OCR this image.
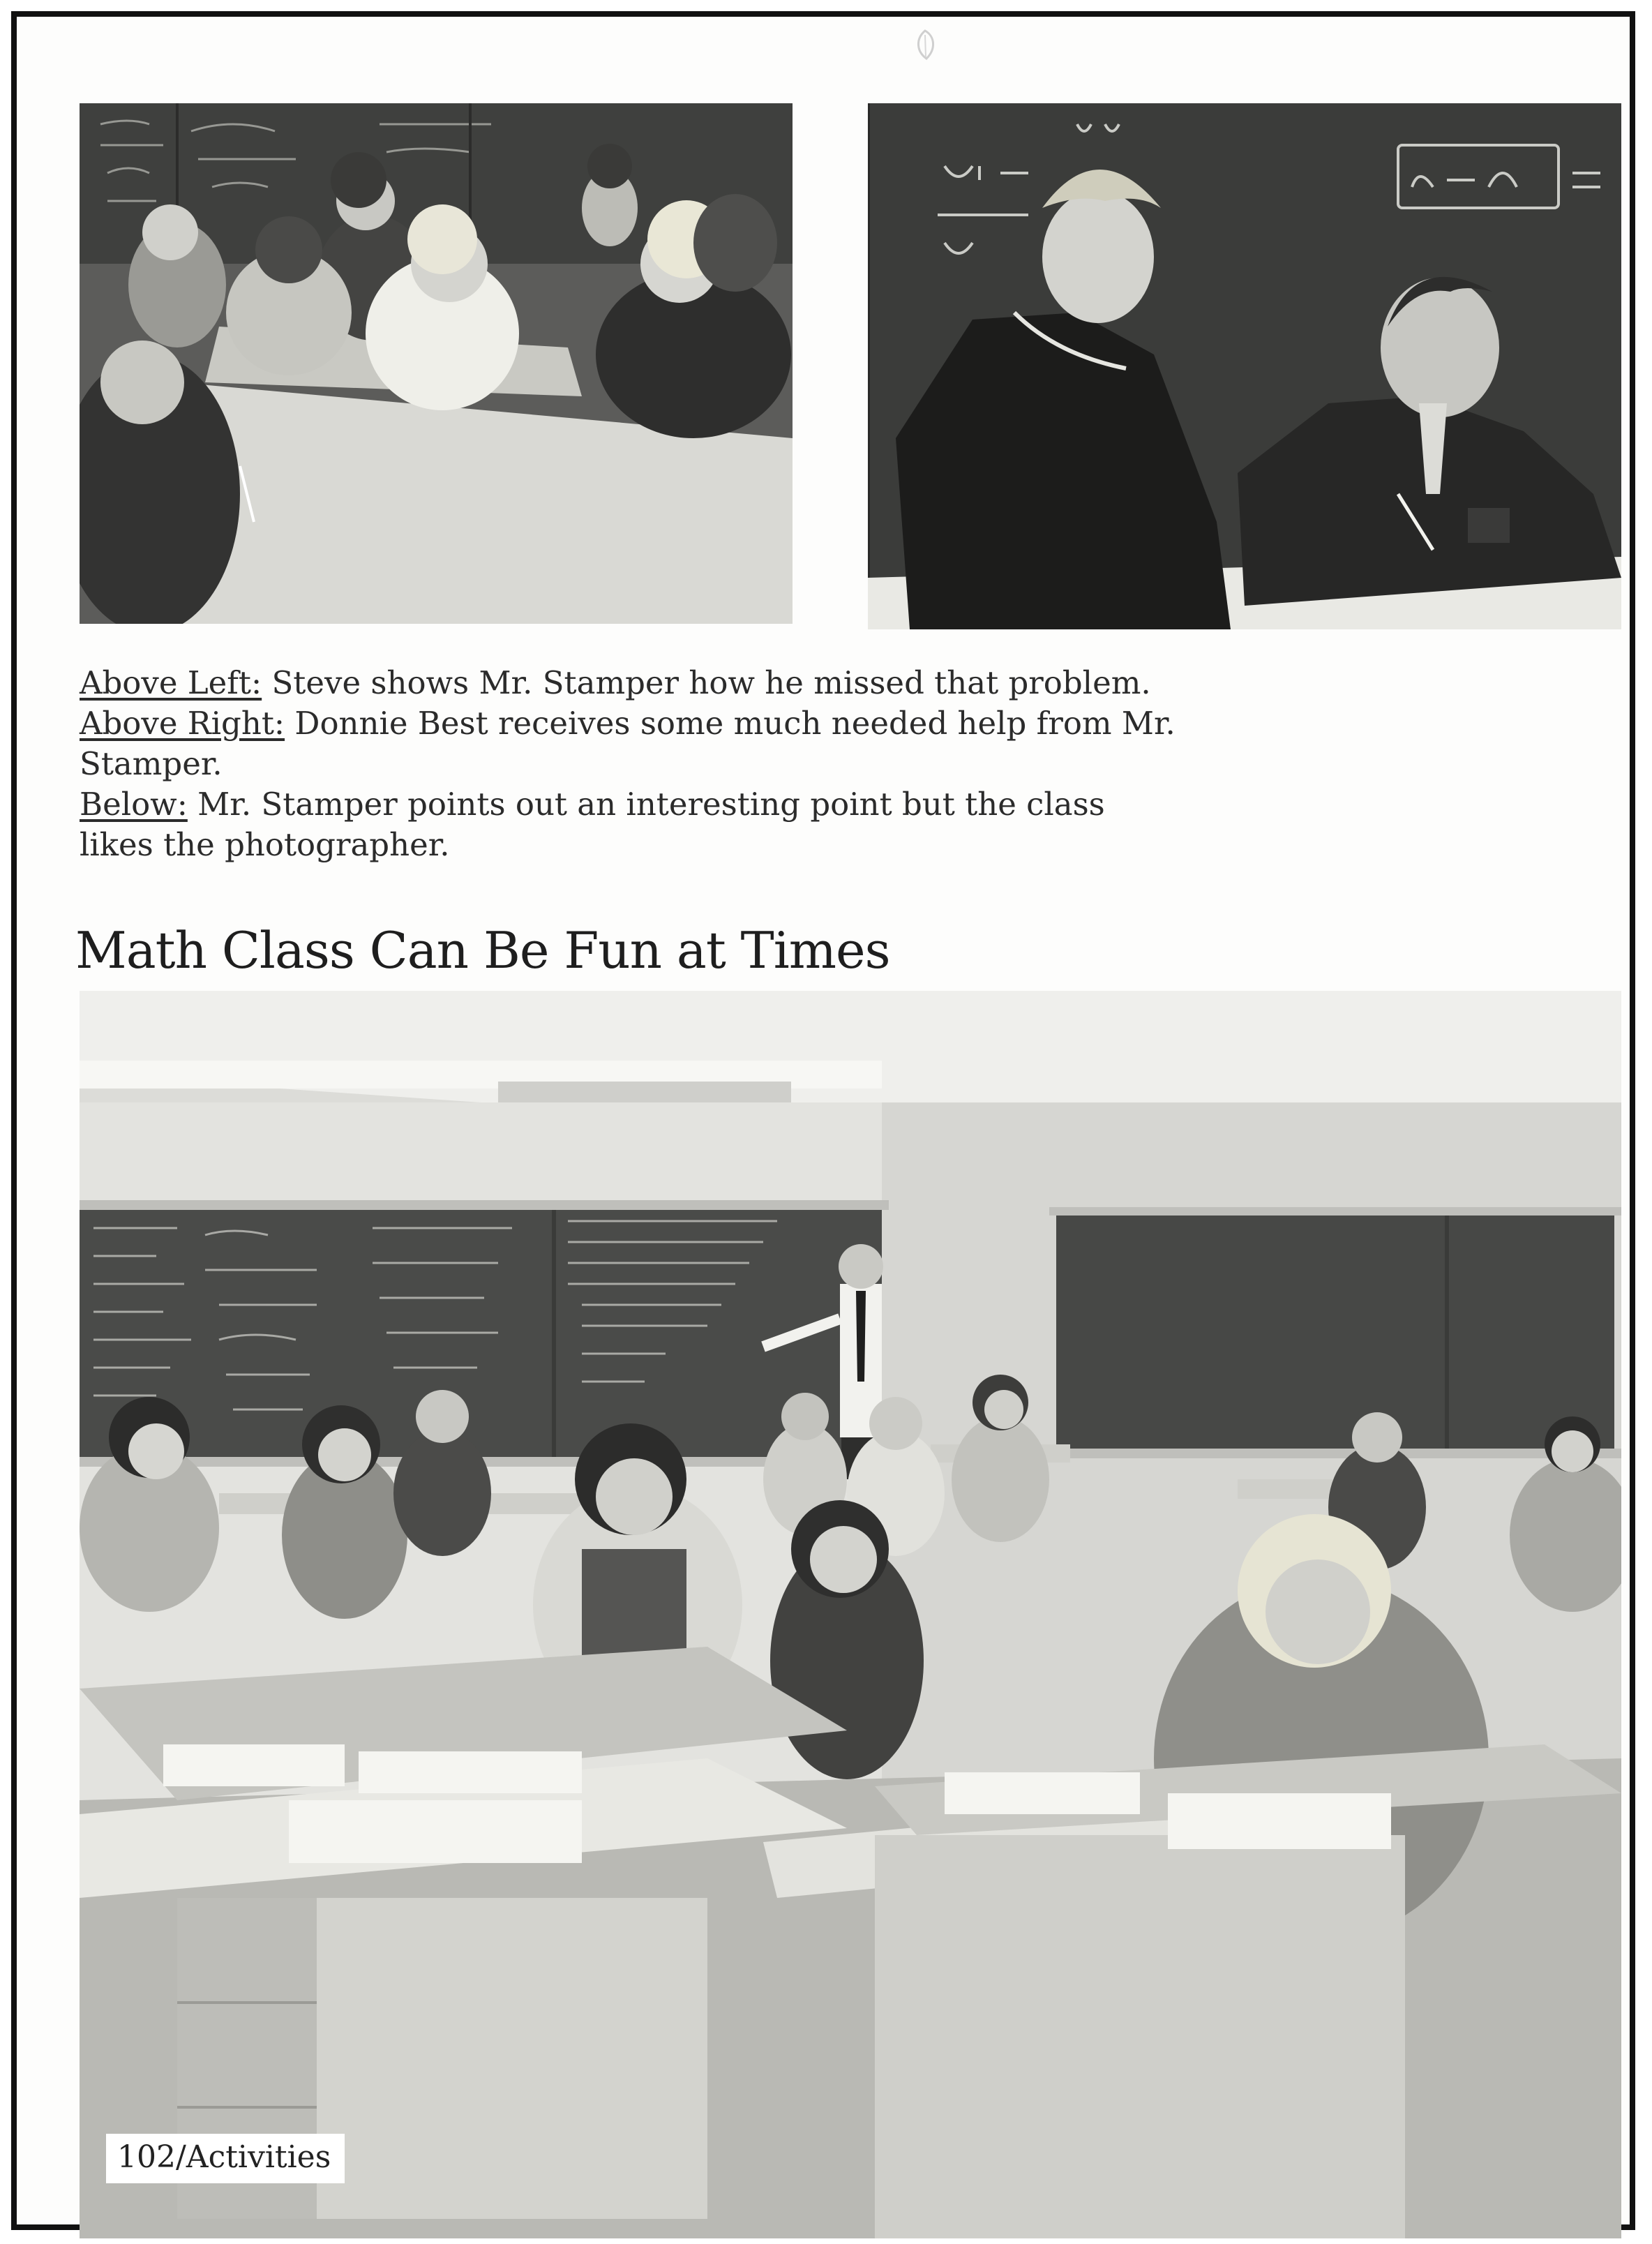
Above Left: Steve shows Mr. Stamper how he missed that problem.
Above Right: Donnie Best receives some much needed help from Mr.
Stamper.
Below: Mr. Stamper points out an interesting point but the class
likes the photographer.
Math Class Can Be Fun at Times
102/Activities
